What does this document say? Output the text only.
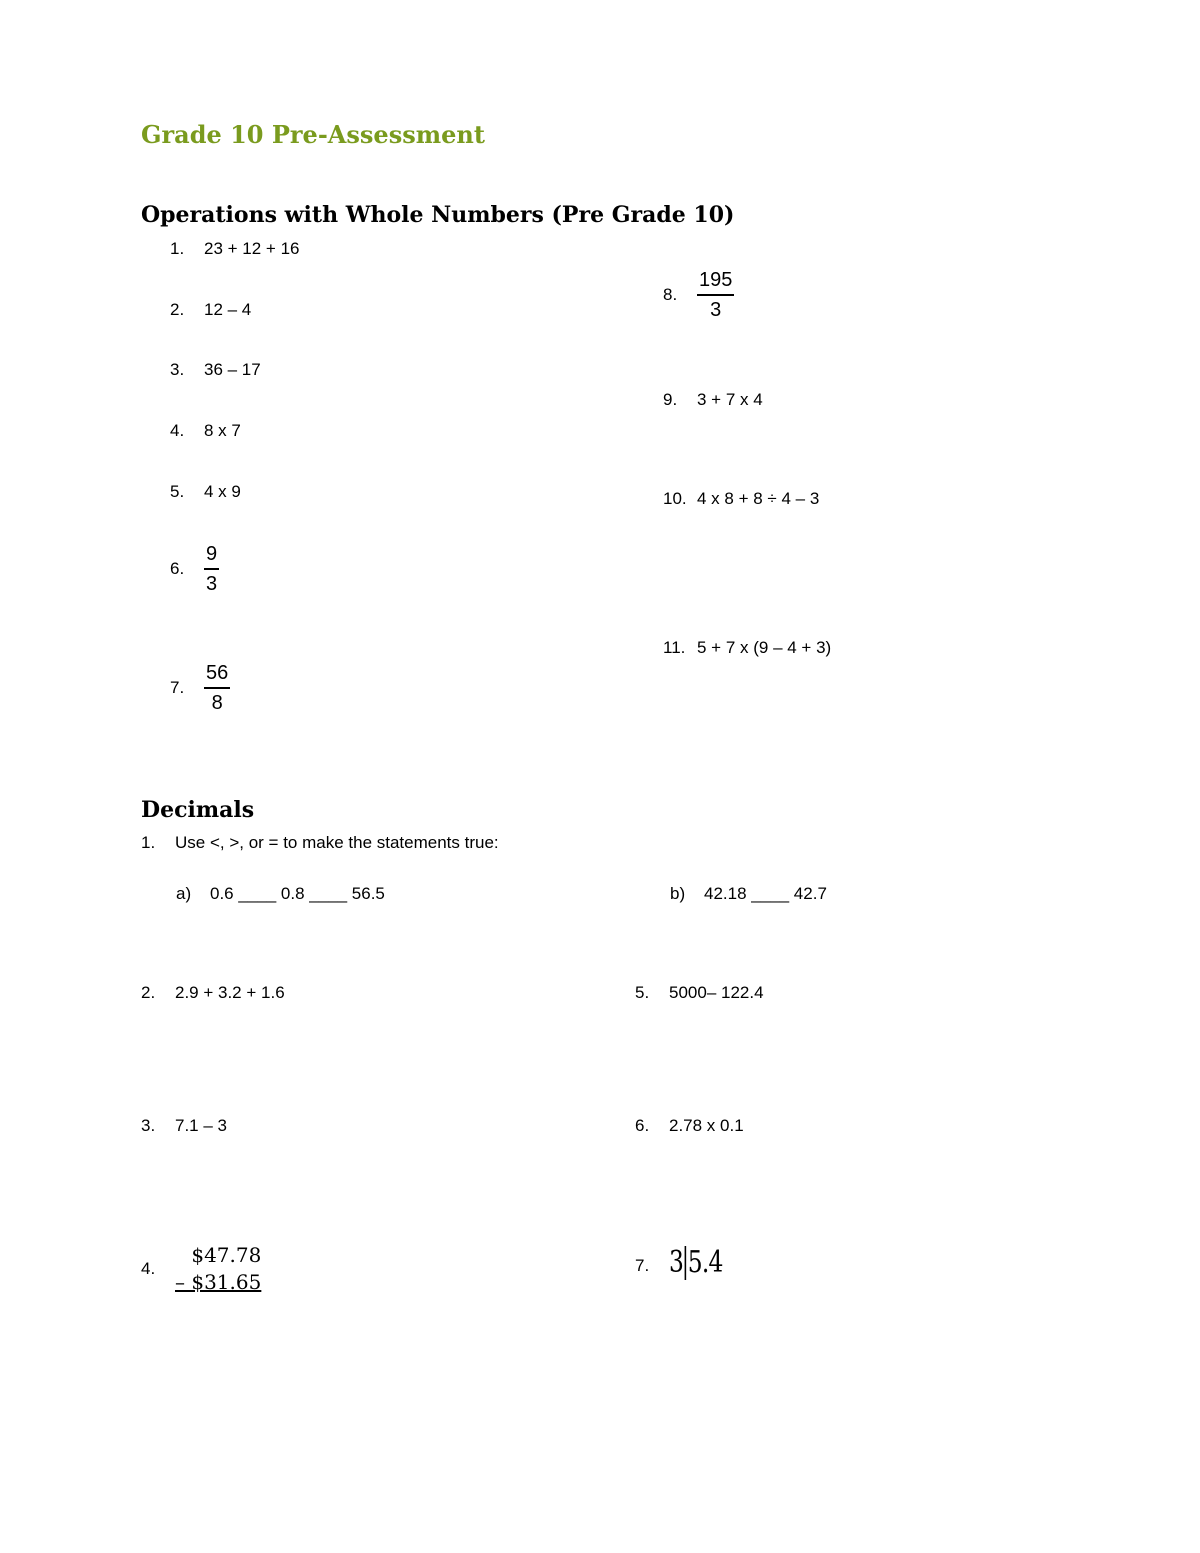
Grade 10 Pre-Assessment
Operations with Whole Numbers (Pre Grade 10)
1.	23 + 12 + 16
2.	12 – 4
3.	36 – 17
4.	8 x 7
5.	4 x 9
6. $\frac{9}{3}$
7. $\frac{56}{8}$
8. $\frac{195}{3}$
9.	3 + 7 x 4
10. 4 x 8 + 8 ÷ 4 – 3
11. 5 + 7 x (9 – 4 + 3)
Decimals
1.	Use <, >, or = to make the statements true:
a)	0.6 ____ 0.8 ____ 56.5	b)	42.18 ____ 42.7
2.	2.9 + 3.2 + 1.6	5.	5000– 122.4
3.	7.1 – 3	6.	2.78 x 0.1
4.
$47.78
– $31.65
7. 3 5.4
